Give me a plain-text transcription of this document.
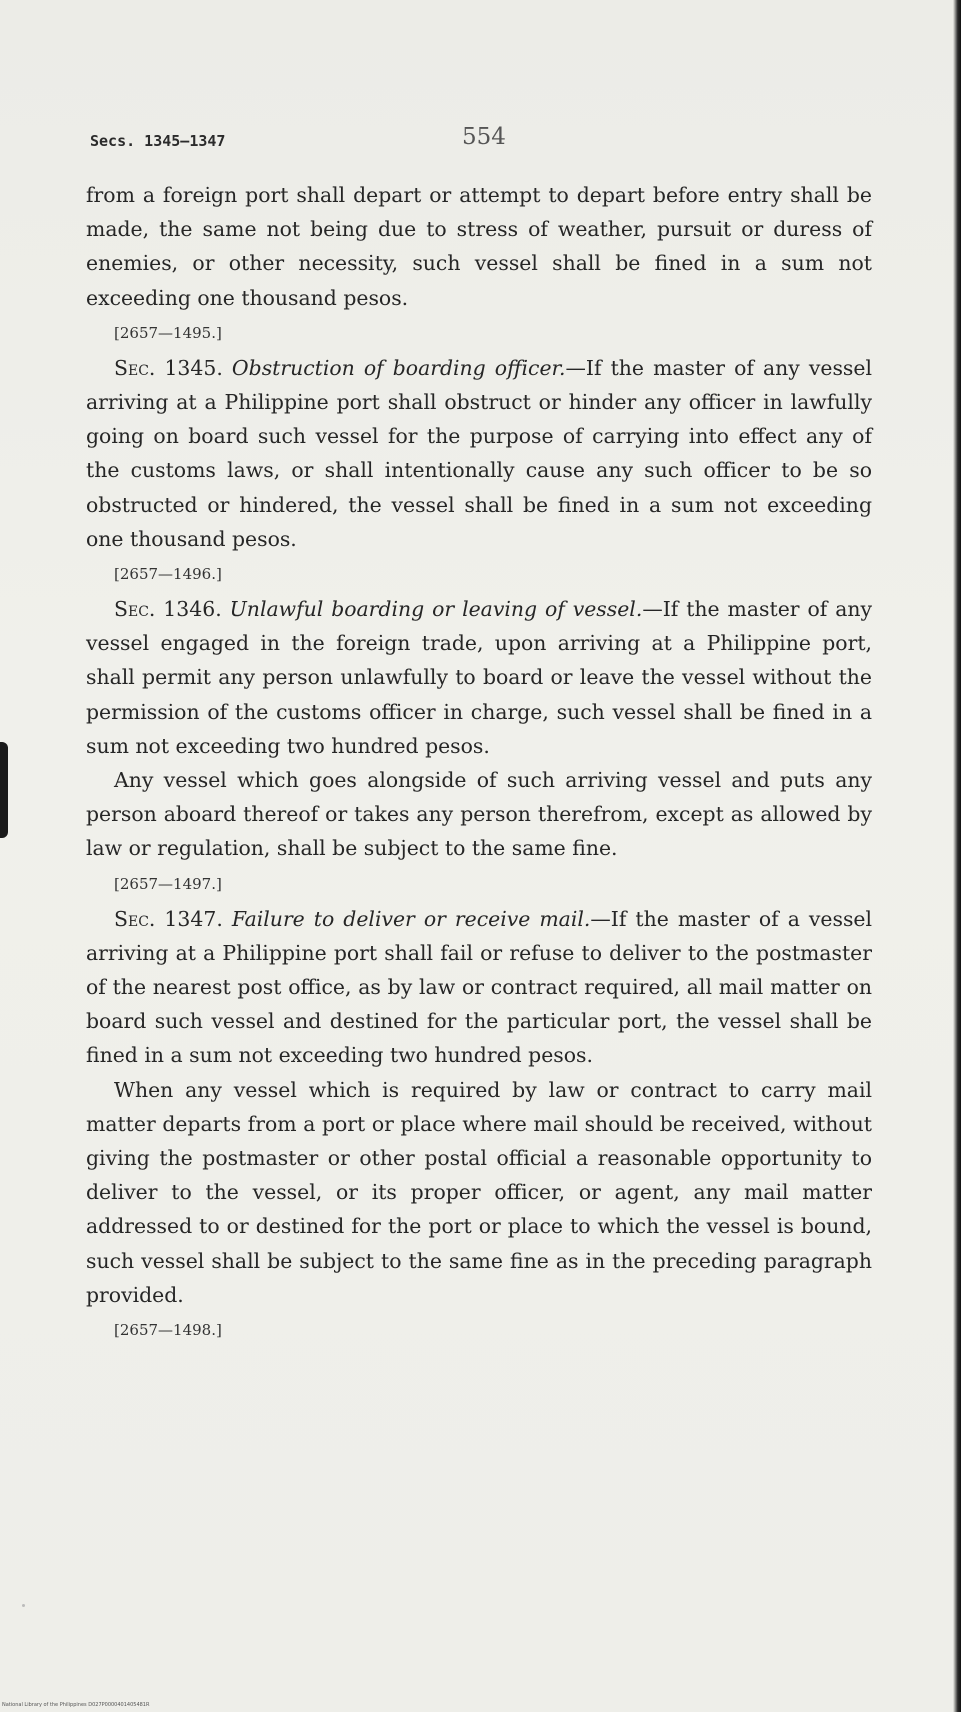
Secs. 1345–1347	554

from a foreign port shall depart or attempt to depart before entry shall be made, the same not being due to stress of weather, pursuit or duress of enemies, or other necessity, such vessel shall be fined in a sum not exceeding one thousand pesos.

[2657—1495.]

Sec. 1345. Obstruction of boarding officer.—If the master of any vessel arriving at a Philippine port shall obstruct or hinder any officer in lawfully going on board such vessel for the purpose of carrying into effect any of the customs laws, or shall intentionally cause any such officer to be so obstructed or hindered, the vessel shall be fined in a sum not exceeding one thousand pesos.

[2657—1496.]

Sec. 1346. Unlawful boarding or leaving of vessel.—If the master of any vessel engaged in the foreign trade, upon arriving at a Philippine port, shall permit any person unlawfully to board or leave the vessel without the permission of the customs officer in charge, such vessel shall be fined in a sum not exceeding two hundred pesos.

Any vessel which goes alongside of such arriving vessel and puts any person aboard thereof or takes any person therefrom, except as allowed by law or regulation, shall be subject to the same fine.

[2657—1497.]

Sec. 1347. Failure to deliver or receive mail.—If the master of a vessel arriving at a Philippine port shall fail or refuse to deliver to the postmaster of the nearest post office, as by law or contract required, all mail matter on board such vessel and destined for the particular port, the vessel shall be fined in a sum not exceeding two hundred pesos.

When any vessel which is required by law or contract to carry mail matter departs from a port or place where mail should be received, without giving the postmaster or other postal official a reasonable opportunity to deliver to the vessel, or its proper officer, or agent, any mail matter addressed to or destined for the port or place to which the vessel is bound, such vessel shall be subject to the same fine as in the preceding paragraph provided.

[2657—1498.]

National Library of the Philippines D027P0000401405481R
